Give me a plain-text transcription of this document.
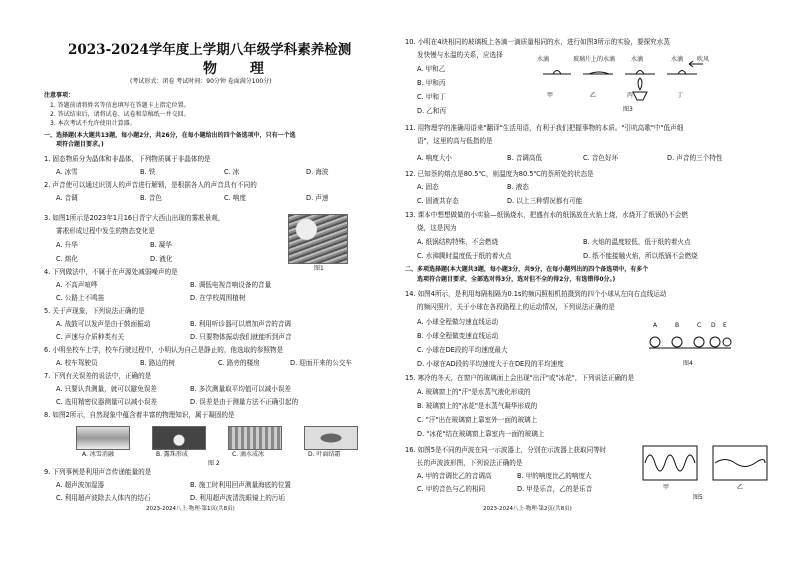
2023-2024学年度上学期八年级学科素养检测
物 理
(考试形式：闭卷 考试时间：90分钟 卷面满分100分)
注意事项：
1. 答题前请将姓名等信息填写在答题卡上指定位置。
2. 答试结束后，请将试卷、试卷和草稿纸一并交回。
3. 本次考试不允许使用计算器。
一、选择题(本大题共13题，每小题2分，共26分，在每小题给出的四个备选项中，只有一个选
项符合题目要求。)
1. 固态物质分为晶体和非晶体，下列物质属于非晶体的是
A. 冰雪	B. 铁	C. 冰	D. 海波
2. 声音使可以通过识别人的声音进行解锁，是根据各人的声音具有不同的
A. 音调	B. 音色	C. 响度	D. 声速
3. 如图1所示是2023年1月16日青宁大西山出现的雾凇景观，
雾凇形成过程中发生的物态变化是
A. 升华	B. 凝华
C. 熔化	D. 液化
图1
4. 下列做法中，不属于在声源处减弱噪声的是
A. 不高声喧哗	B. 调低电视音响设备的音量
C. 公路上不鸣笛	D. 在学校周围植树
5. 关于声现象，下列说法正确的是
A. 战鼓可以发声是由于鼓面振动	B. 利用听诊器可以增加声音的音调
C. 声速与介质种类有关	D. 只要物体振动我们就能听到声音
6. 小明坐校车上学，校车行驶过程中，小明认为自己是静止的，他选取的参照物是
A. 校车驾驶员	B. 路边的树	C. 路旁的楼房	D. 迎面开来的公交车
7. 下列有关误差的说法中，正确的是
A. 只要认真测量，就可以避免误差	B. 多次测量取平均值可以减小误差
C. 选用精密仪器测量可以减小误差	D. 误差是由于测量方法不正确引起的
8. 如图2所示，自然现象中蕴含着丰富的物理知识，属于凝固的是
A. 冰雪消融	B. 露珠形成	C. 滴水成冰	D. 叶面结霜
图 2
9. 下列事例是利用声音传递能量的是
A. 超声波加湿器	B. 施工时利用回声测量海底的位置
C. 利用超声波除去人体内的结石	D. 利用超声波清洗眼镜上的污垢
2023-2024八上·物理·第1页(共8页)
10. 小明在4块相同的玻璃板上各滴一滴质量相同的水，进行如图3所示的实验，要探究水蒸
发快慢与水温的关系，应选择
A. 甲和乙
B. 甲和丙
C. 甲和丁
D. 乙和丙
水滴	玻璃片上的水滴	水滴	水滴 吹风
甲	乙	丙	丁
图3
11. 用物理学的准确用语来"翻译"生活用语，有利于我们把握事物的本质。"引吭高歌"中"低声细
语"，这里的高与低指的是
A. 响度大小	B. 音调高低	C. 音色好坏	D. 声音的三个特性
12. 已知萘的熔点是80.5℃，则温度为80.5℃的萘所处的状态是
A. 固态	B. 液态
C. 固液共存态	D. 以上三种情况都有可能
13. 课本中想想做做的小实验—纸锅烧水，把盛有水的纸锅放在火焰上烧，水烧开了纸锅仍不会燃
烧，这是因为
A. 纸锅结构特殊，不会燃烧	B. 火焰的温度较低，低于纸的着火点
C. 水沸腾时温度低于纸的着火点	D. 纸不能接触火焰，所以纸锅不会燃烧
二、多项选择题(本大题共3题，每小题3分，共9分，在每小题列出的四个备选项中，有多个
选项符合题目要求，全部选对得3分，选对但不全的得2分，有选错得0分。)
14. 如图4所示，是利用每隔相隔为0.1s的频闪照相机拍摄到的四个小球从左向右直线运动
的频闪照片，关于小球在各段路程上的运动情况，下列说法正确的是
A. 小球全程做匀速直线运动
B. 小球全程做变速直线运动
C. 小球在DE段的平均速度最大
D. 小球在AD段的平均速度大于在DE段的平均速度
A	B	C D E
图4
15. 寒冷的冬天，在窗户的玻璃面上会出现"出汗"或"冰花"，下列说法正确的是
A. 玻璃窗上的"汗"是水蒸气液化形成的
B. 玻璃窗上的"冰花"是水蒸气凝华形成的
C. "汗"出在玻璃窗上靠室外一面的玻璃上
D. "冰花"结在玻璃窗上靠室内一面的玻璃上
16. 如图5是不同的声波在同一示波器上，分别在示波器上获取同等时
长的声波波形图，下列说法正确的是
A. 甲的音调比乙的音调高	B. 甲的响度比乙的响度大
C. 甲的音色与乙的相同	D. 甲是乐音，乙的是乐音	甲	乙
图5
2023-2024八上·物理·第2页(共8页)
